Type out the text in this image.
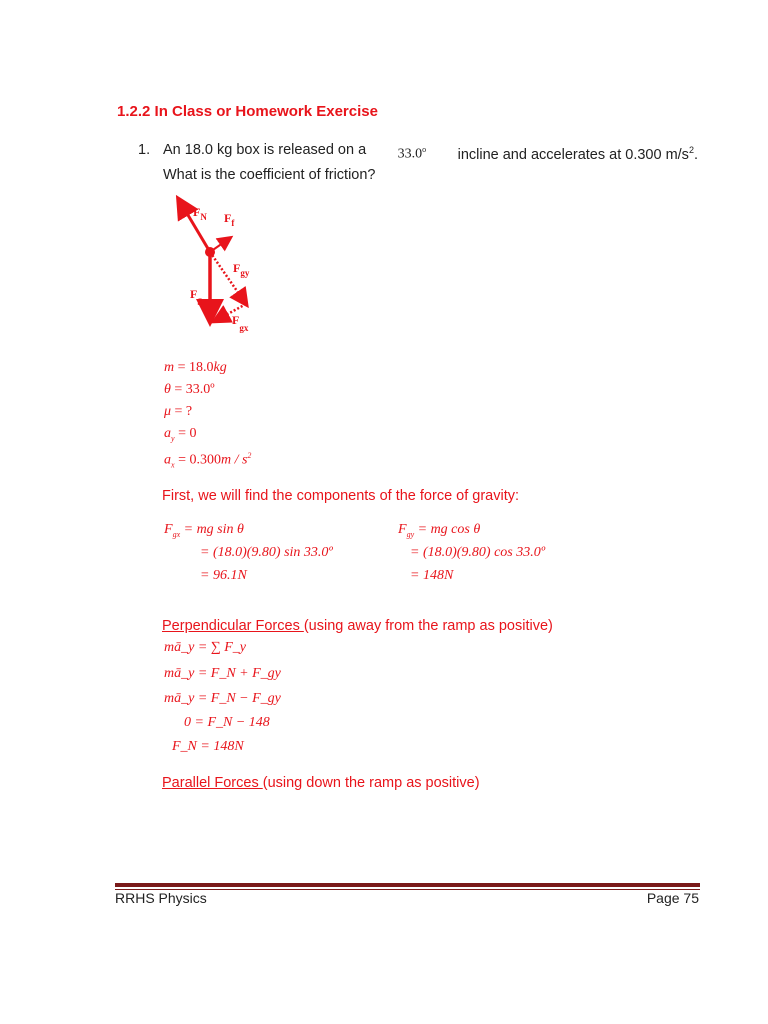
1.2.2 In Class or Homework Exercise
1. An 18.0 kg box is released on a 33.0$^o$ incline and accelerates at 0.300 $m/s^2$.
What is the coefficient of friction?
$F_N$ $F_f$
$F_{gy}$
$F_g$
$F_{gx}$
m = 18.0kg
θ = 33.0º
μ = ?
$a_y = 0$
$a_x = 0.300m / s^2$
First, we will find the components of the force of gravity:
$F_{gx}$ = mg sin θ
= (18.0)(9.80) sin 33.0º
= 96.1N
$F_{gy}$ = mg cos θ
= (18.0)(9.80) cos 33.0º
= 148N
Perpendicular Forces (using away from the ramp as positive)
mā_y = ∑ F_y
mā_y = F_N + F_gy
mā_y = F_N − F_gy
0 = F_N − 148
F_N = 148N
Parallel Forces (using down the ramp as positive)
RRHS Physics	Page 75
